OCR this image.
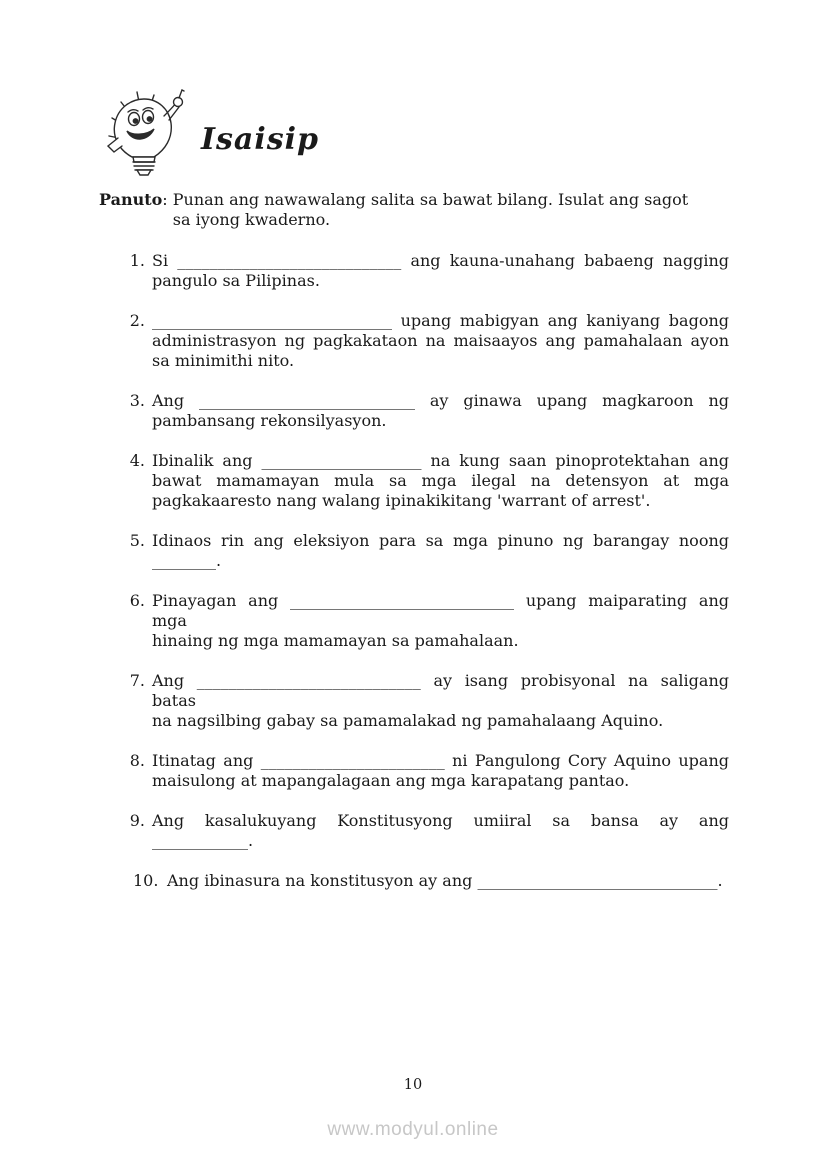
Isaisip
Panuto: Punan ang nawawalang salita sa bawat bilang. Isulat ang sagot
sa iyong kwaderno.
1. Si ____________________________ ang kauna-unahang babaeng nagging
pangulo sa Pilipinas.
2. ______________________________ upang mabigyan ang kaniyang bagong
administrasyon ng pagkakataon na maisaayos ang pamahalaan ayon
sa minimithi nito.
3. Ang ___________________________ ay ginawa upang magkaroon ng
pambansang rekonsilyasyon.
4. Ibinalik ang ____________________ na kung saan pinoprotektahan ang
bawat mamamayan mula sa mga ilegal na detensyon at mga
pagkakaaresto nang walang ipinakikitang 'warrant of arrest'.
5. Idinaos rin ang eleksiyon para sa mga pinuno ng barangay noong
________.
6. Pinayagan ang ____________________________ upang maiparating ang mga
hinaing ng mga mamamayan sa pamahalaan.
7. Ang ____________________________ ay isang probisyonal na saligang batas
na nagsilbing gabay sa pamamalakad ng pamahalaang Aquino.
8. Itinatag ang _______________________ ni Pangulong Cory Aquino upang
maisulong at mapangalagaan ang mga karapatang pantao.
9. Ang kasalukuyang Konstitusyong umiiral sa bansa ay ang
____________.
10. Ang ibinasura na konstitusyon ay ang ______________________________.
10
www.modyul.online
